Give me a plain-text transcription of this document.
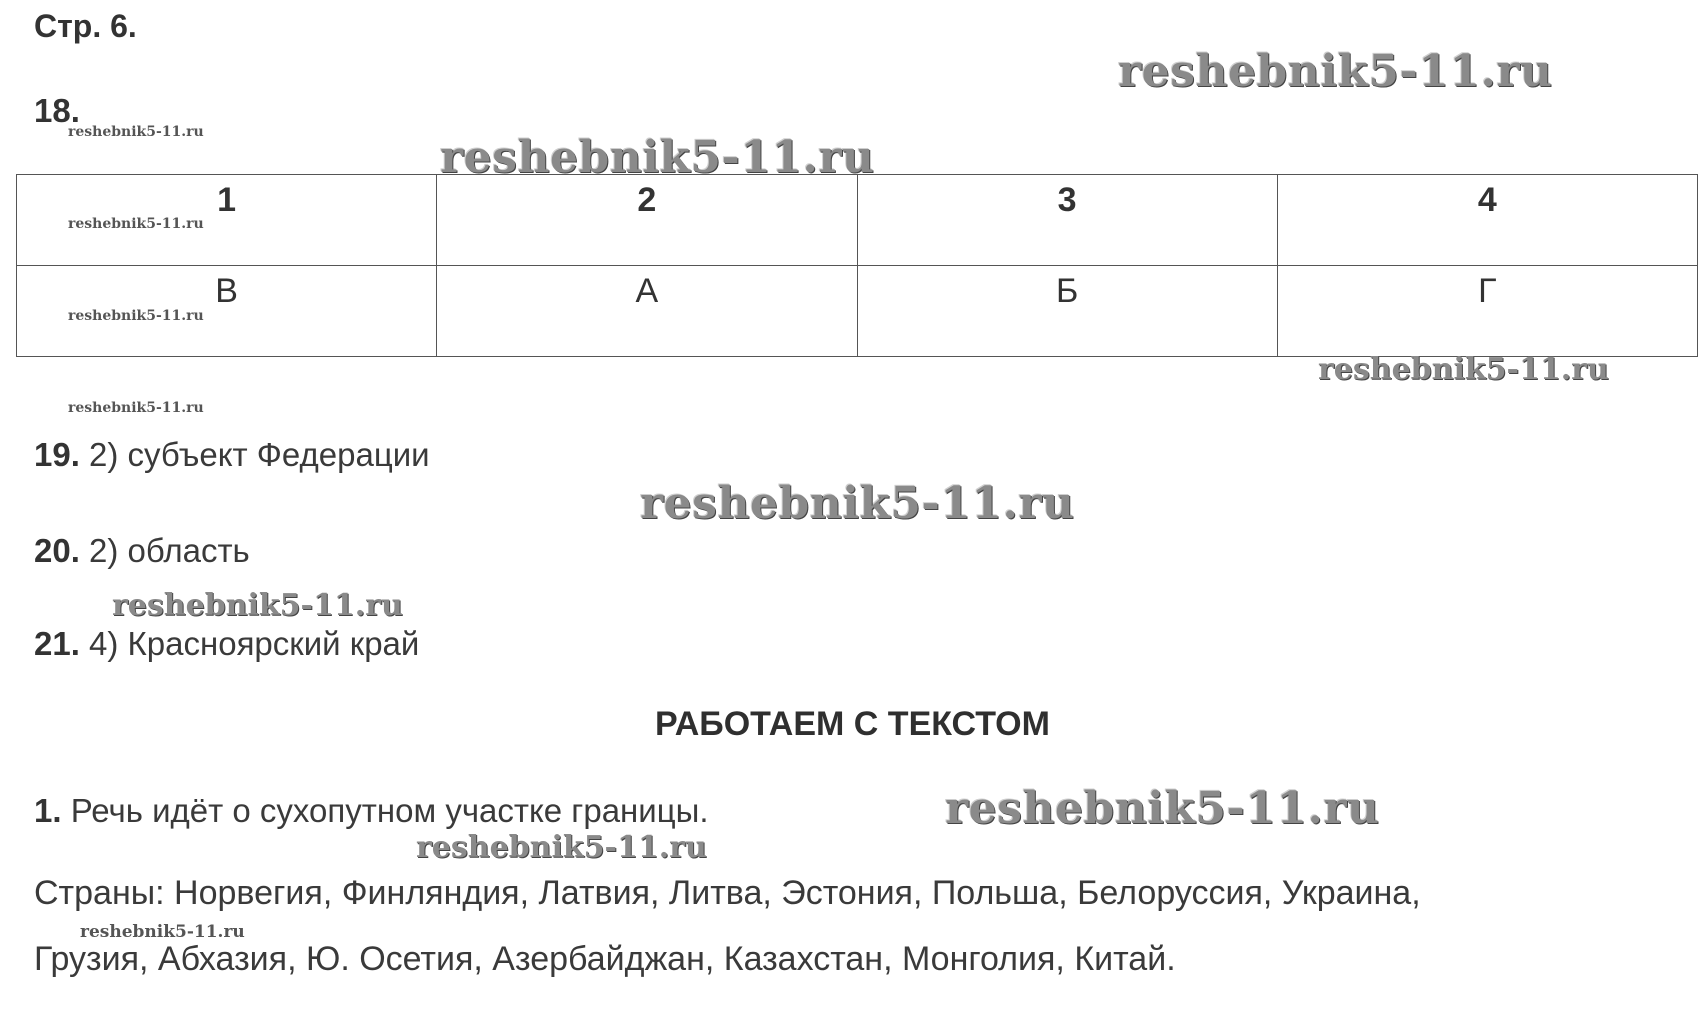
Стр. 6.
18.
1	2	3	4
В	А	Б	Г
19. 2) субъект Федерации
20. 2) область
21. 4) Красноярский край
РАБОТАЕМ С ТЕКСТОМ
1. Речь идёт о сухопутном участке границы.
Страны: Норвегия, Финляндия, Латвия, Литва, Эстония, Польша, Белоруссия, Украина,
Грузия, Абхазия, Ю. Осетия, Азербайджан, Казахстан, Монголия, Китай.
reshebnik5-11.ru
reshebnik5-11.ru
reshebnik5-11.ru
reshebnik5-11.ru
reshebnik5-11.ru
reshebnik5-11.ru
reshebnik5-11.ru
reshebnik5-11.ru
reshebnik5-11.ru
reshebnik5-11.ru
reshebnik5-11.ru
reshebnik5-11.ru
